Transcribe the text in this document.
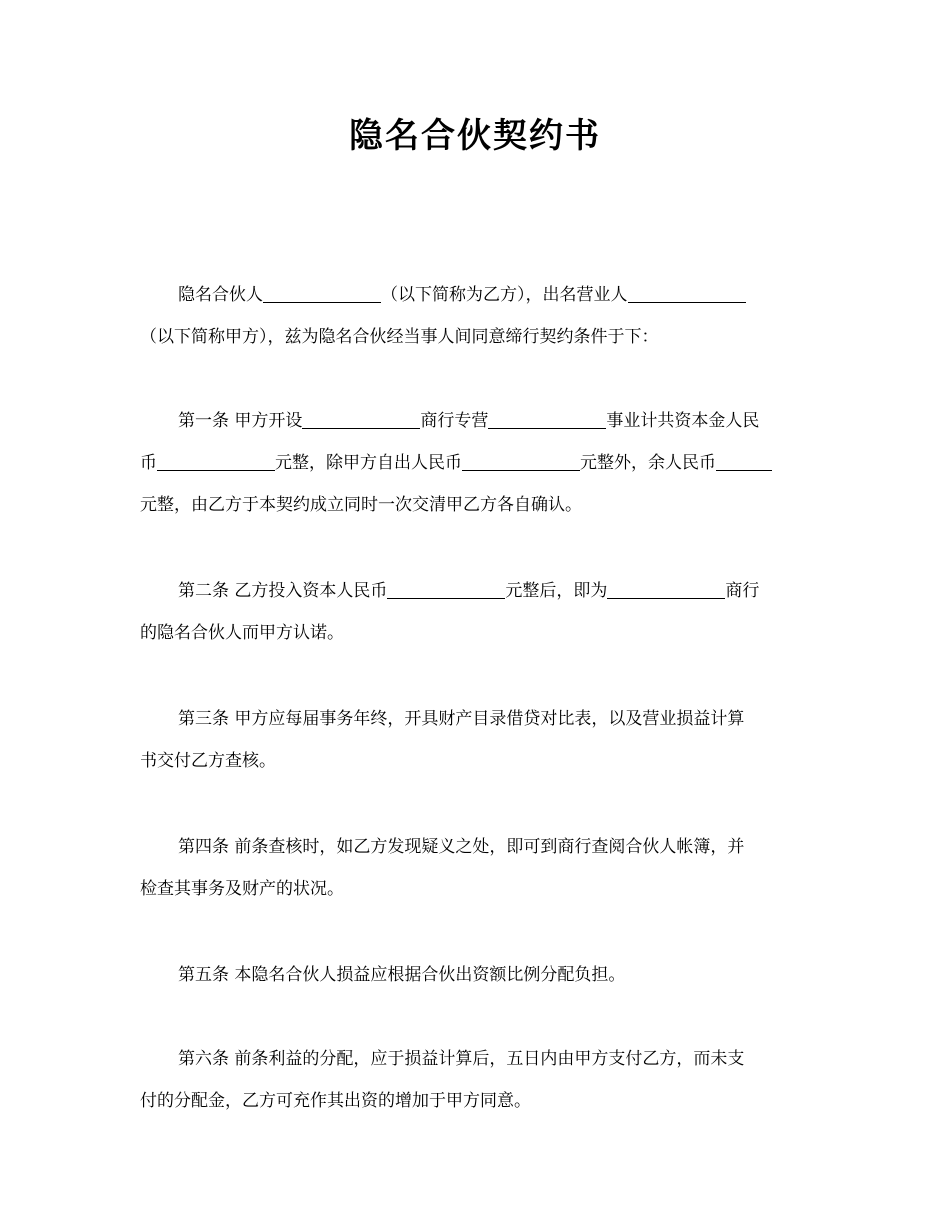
隐名合伙契约书
隐名合伙人	（以下简称为乙方），出名营业人
（以下简称甲方），兹为隐名合伙经当事人间同意缔行契约条件于下：
第一条 甲方开设	商行专营	事业计共资本金人民
币	元整，除甲方自出人民币	元整外，余人民币
元整，由乙方于本契约成立同时一次交清甲乙方各自确认。
第二条 乙方投入资本人民币	元整后，即为	商行
的隐名合伙人而甲方认诺。
第三条 甲方应每届事务年终，开具财产目录借贷对比表，以及营业损益计算
书交付乙方查核。
第四条 前条查核时，如乙方发现疑义之处，即可到商行查阅合伙人帐簿，并
检查其事务及财产的状况。
第五条 本隐名合伙人损益应根据合伙出资额比例分配负担。
第六条 前条利益的分配，应于损益计算后，五日内由甲方支付乙方，而未支
付的分配金，乙方可充作其出资的增加于甲方同意。
